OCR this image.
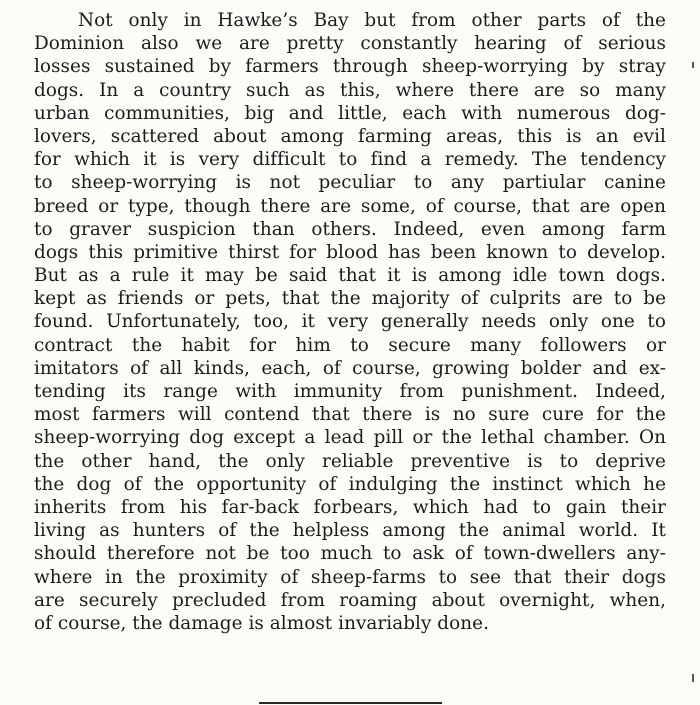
Not only in Hawke’s Bay but from other parts of the
Dominion also we are pretty constantly hearing of serious
losses sustained by farmers through sheep-worrying by stray
dogs. In a country such as this, where there are so many
urban communities, big and little, each with numerous dog-
lovers, scattered about among farming areas, this is an evil
for which it is very difficult to find a remedy. The tendency
to sheep-worrying is not peculiar to any partiular canine
breed or type, though there are some, of course, that are open
to graver suspicion than others. Indeed, even among farm
dogs this primitive thirst for blood has been known to develop.
But as a rule it may be said that it is among idle town dogs.
kept as friends or pets, that the majority of culprits are to be
found. Unfortunately, too, it very generally needs only one to
contract the habit for him to secure many followers or
imitators of all kinds, each, of course, growing bolder and ex-
tending its range with immunity from punishment. Indeed,
most farmers will contend that there is no sure cure for the
sheep-worrying dog except a lead pill or the lethal chamber. On
the other hand, the only reliable preventive is to deprive
the dog of the opportunity of indulging the instinct which he
inherits from his far-back forbears, which had to gain their
living as hunters of the helpless among the animal world. It
should therefore not be too much to ask of town-dwellers any-
where in the proximity of sheep-farms to see that their dogs
are securely precluded from roaming about overnight, when,
of course, the damage is almost invariably done.
